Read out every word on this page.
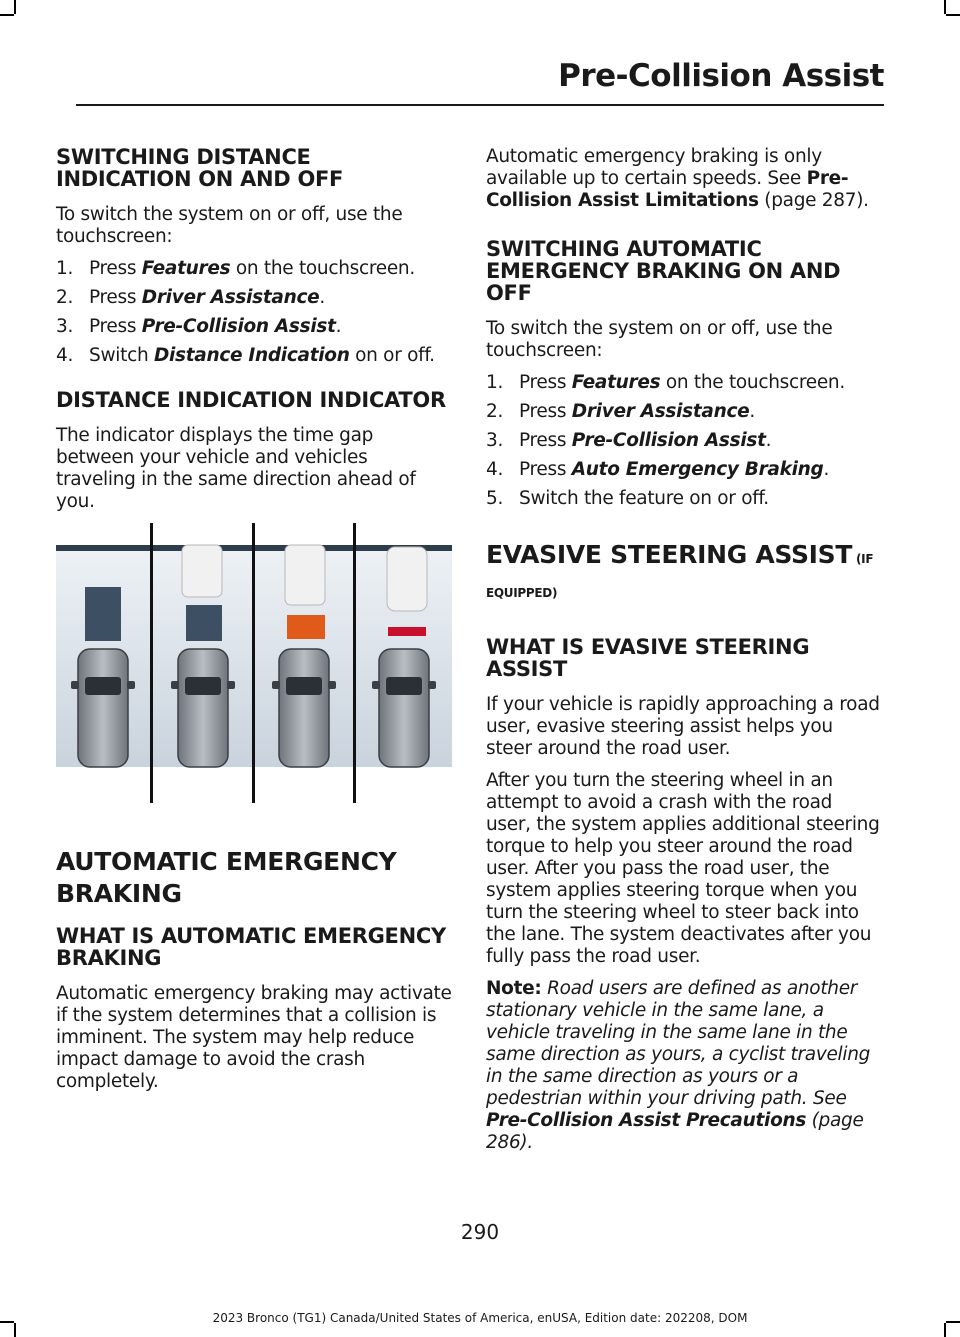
Pre-Collision Assist
SWITCHING DISTANCE INDICATION ON AND OFF

To switch the system on or off, use the touchscreen:

1. Press Features on the touchscreen.
2. Press Driver Assistance.
3. Press Pre-Collision Assist.
4. Switch Distance Indication on or off.
DISTANCE INDICATION INDICATOR

The indicator displays the time gap between your vehicle and vehicles traveling in the same direction ahead of you.

AUTOMATIC EMERGENCY
BRAKING
WHAT IS AUTOMATIC EMERGENCY BRAKING

Automatic emergency braking may activate if the system determines that a collision is imminent. The system may help reduce impact damage to avoid the crash completely.

Automatic emergency braking is only available up to certain speeds. See Pre-Collision Assist Limitations (page 287).

SWITCHING AUTOMATIC EMERGENCY BRAKING ON AND OFF

To switch the system on or off, use the touchscreen:

1. Press Features on the touchscreen.
2. Press Driver Assistance.
3. Press Pre-Collision Assist.
4. Press Auto Emergency Braking.
5. Switch the feature on or off.
EVASIVE STEERING ASSIST (IF EQUIPPED)
WHAT IS EVASIVE STEERING ASSIST

If your vehicle is rapidly approaching a road user, evasive steering assist helps you steer around the road user.

After you turn the steering wheel in an attempt to avoid a crash with the road user, the system applies additional steering torque to help you steer around the road user. After you pass the road user, the system applies steering torque when you turn the steering wheel to steer back into the lane. The system deactivates after you fully pass the road user.

Note: Road users are defined as another stationary vehicle in the same lane, a vehicle traveling in the same lane in the same direction as yours, a cyclist traveling in the same direction as yours or a pedestrian within your driving path. See Pre-Collision Assist Precautions (page 286).

290
2023 Bronco (TG1) Canada/United States of America, enUSA, Edition date: 202208, DOM
